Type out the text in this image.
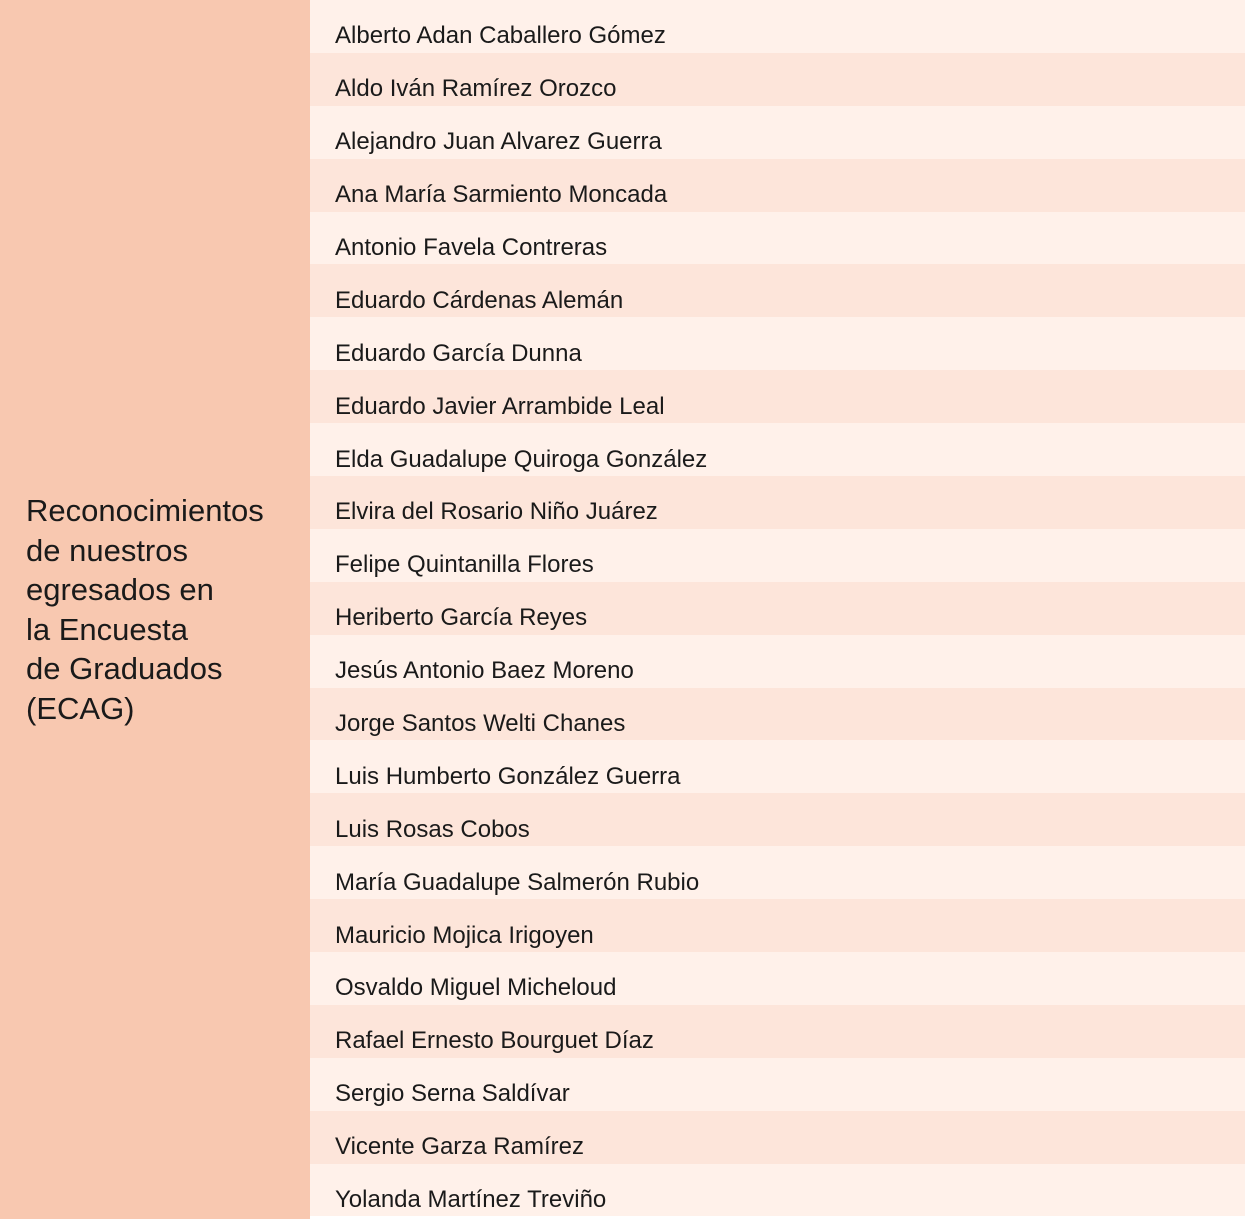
Reconocimientos
de nuestros
egresados en
la Encuesta
de Graduados
(ECAG)
Alberto Adan Caballero Gómez
Aldo Iván Ramírez Orozco
Alejandro Juan Alvarez Guerra
Ana María Sarmiento Moncada
Antonio Favela Contreras
Eduardo Cárdenas Alemán
Eduardo García Dunna
Eduardo Javier Arrambide Leal
Elda Guadalupe Quiroga González
Elvira del Rosario Niño Juárez
Felipe Quintanilla Flores
Heriberto García Reyes
Jesús Antonio Baez Moreno
Jorge Santos Welti Chanes
Luis Humberto González Guerra
Luis Rosas Cobos
María Guadalupe Salmerón Rubio
Mauricio Mojica Irigoyen
Osvaldo Miguel Micheloud
Rafael Ernesto Bourguet Díaz
Sergio Serna Saldívar
Vicente Garza Ramírez
Yolanda Martínez Treviño
